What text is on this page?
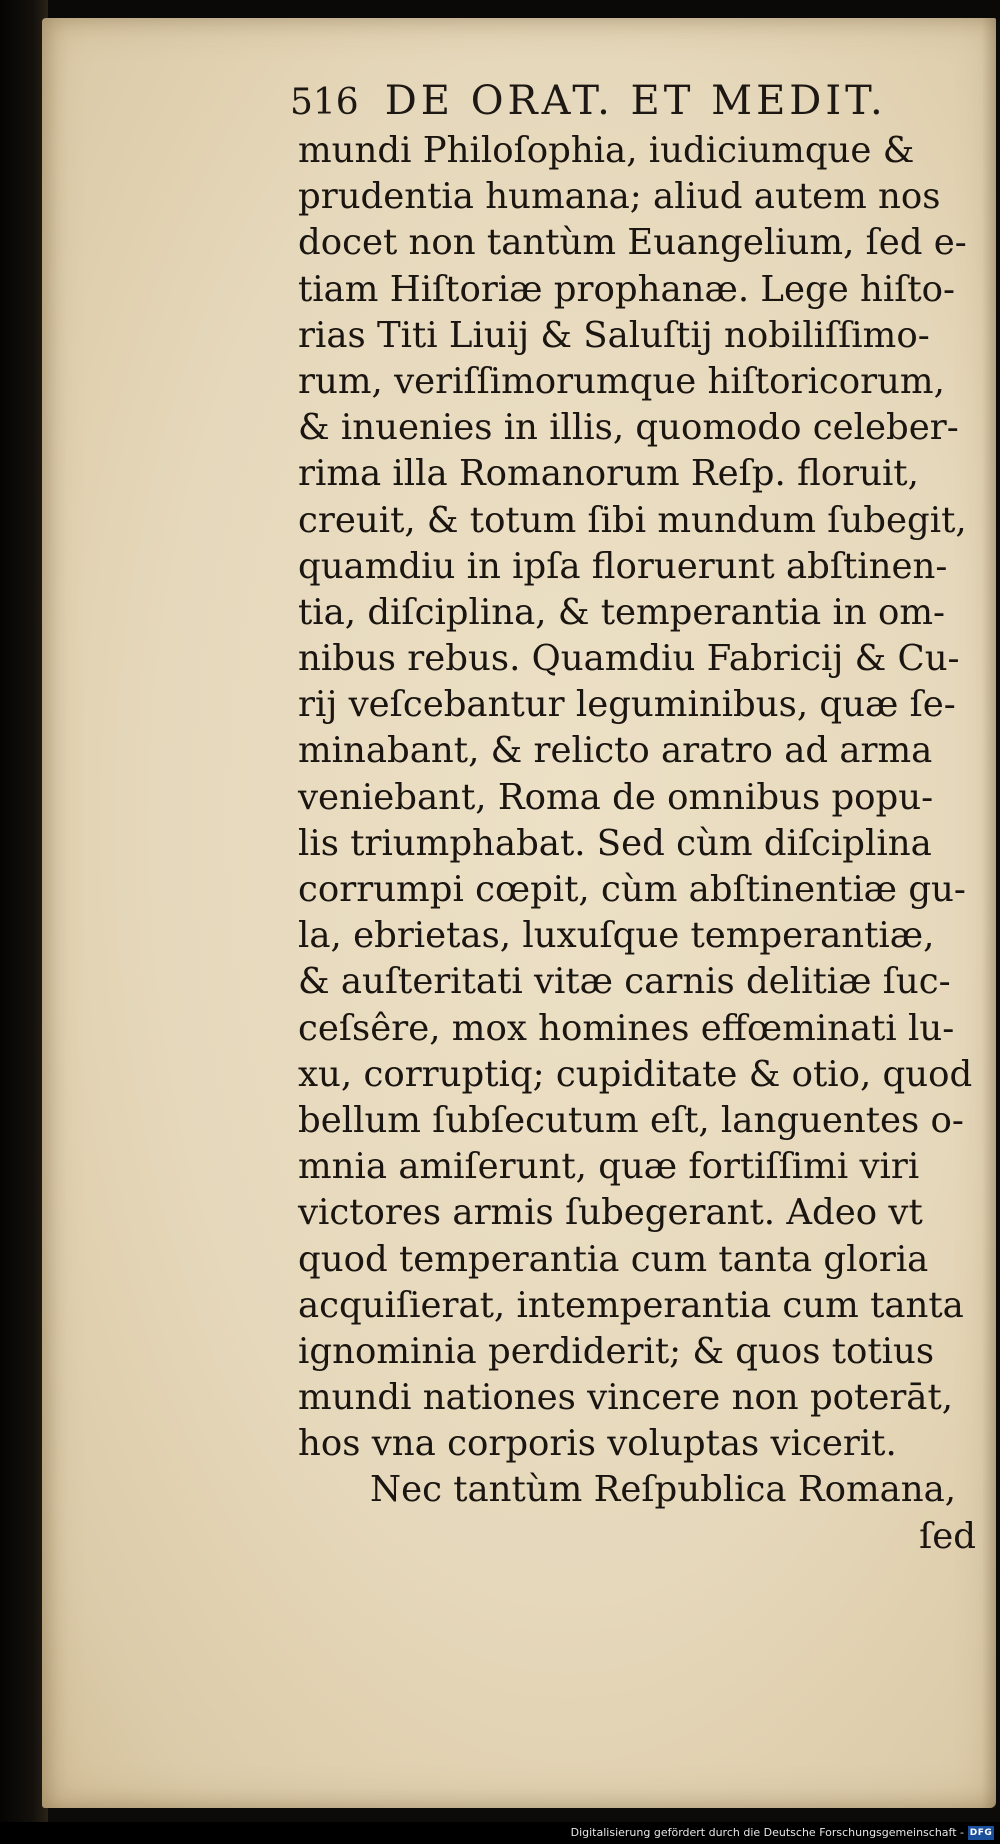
516 DE ORAT. ET MEDIT.
mundi Philoſophia, iudiciumque &
prudentia humana; aliud autem nos
docet non tantùm Euangelium, ſed e-
tiam Hiſtoriæ prophanæ. Lege hiſto-
rias Titi Liuij & Saluſtij nobiliſſimo-
rum, veriſſimorumque hiſtoricorum,
& inuenies in illis, quomodo celeber-
rima illa Romanorum Reſp. floruit,
creuit, & totum ſibi mundum ſubegit,
quamdiu in ipſa floruerunt abſtinen-
tia, diſciplina, & temperantia in om-
nibus rebus. Quamdiu Fabricij & Cu-
rij veſcebantur leguminibus, quæ ſe-
minabant, & relicto aratro ad arma
veniebant, Roma de omnibus popu-
lis triumphabat. Sed cùm diſciplina
corrumpi cœpit, cùm abſtinentiæ gu-
la, ebrietas, luxuſque temperantiæ,
& auſteritati vitæ carnis delitiæ ſuc-
ceſsêre, mox homines effœminati lu-
xu, corruptiq; cupiditate & otio, quod
bellum ſubſecutum eſt, languentes o-
mnia amiſerunt, quæ fortiſſimi viri
victores armis ſubegerant. Adeo vt
quod temperantia cum tanta gloria
acquiſierat, intemperantia cum tanta
ignominia perdiderit; & quos totius
mundi nationes vincere non poterāt,
hos vna corporis voluptas vicerit.
Nec tantùm Reſpublica Romana,
ſed
Digitalisierung gefördert durch die Deutsche Forschungsgemeinschaft - DFG
